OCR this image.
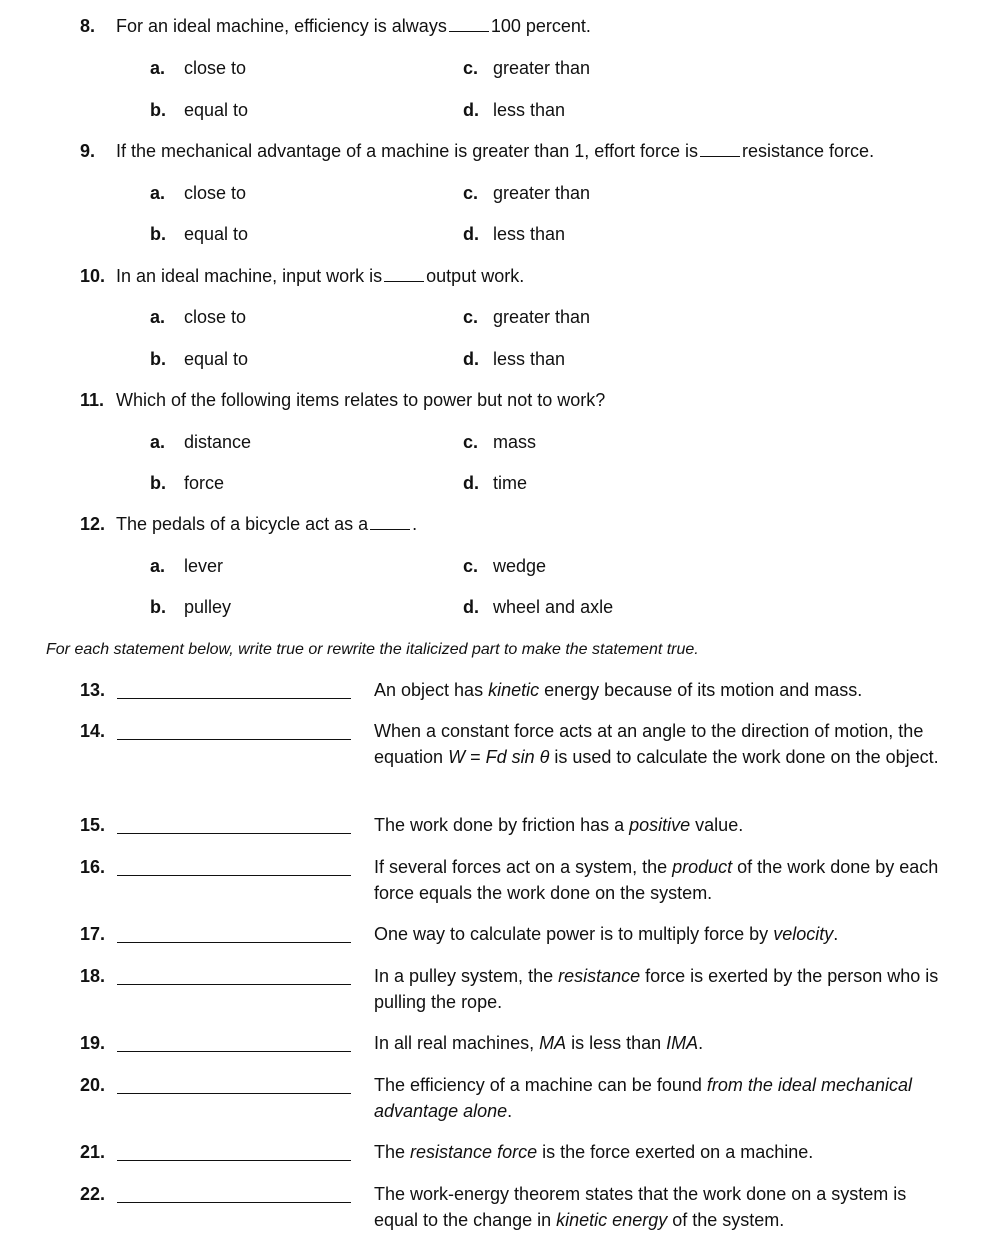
8. For an ideal machine, efficiency is always 100 percent.
a. close to
b. equal to
c. greater than
d. less than
9. If the mechanical advantage of a machine is greater than 1, effort force is resistance force.
a. close to
b. equal to
c. greater than
d. less than
10. In an ideal machine, input work is output work.
a. close to
b. equal to
c. greater than
d. less than
11. Which of the following items relates to power but not to work?
a. distance
b. force
c. mass
d. time
12. The pedals of a bicycle act as a .
a. lever
b. pulley
c. wedge
d. wheel and axle
For each statement below, write true or rewrite the italicized part to make the statement true.
13.	An object has kinetic energy because of its motion and mass.
14.	When a constant force acts at an angle to the direction of motion, the equation W = Fd sin θ is used to calculate the work done on the object.
15.	The work done by friction has a positive value.
16.	If several forces act on a system, the product of the work done by each force equals the work done on the system.
17.	One way to calculate power is to multiply force by velocity.
18.	In a pulley system, the resistance force is exerted by the person who is pulling the rope.
19.	In all real machines, MA is less than IMA.
20.	The efficiency of a machine can be found from the ideal mechanical advantage alone.
21.	The resistance force is the force exerted on a machine.
22.	The work-energy theorem states that the work done on a system is equal to the change in kinetic energy of the system.
